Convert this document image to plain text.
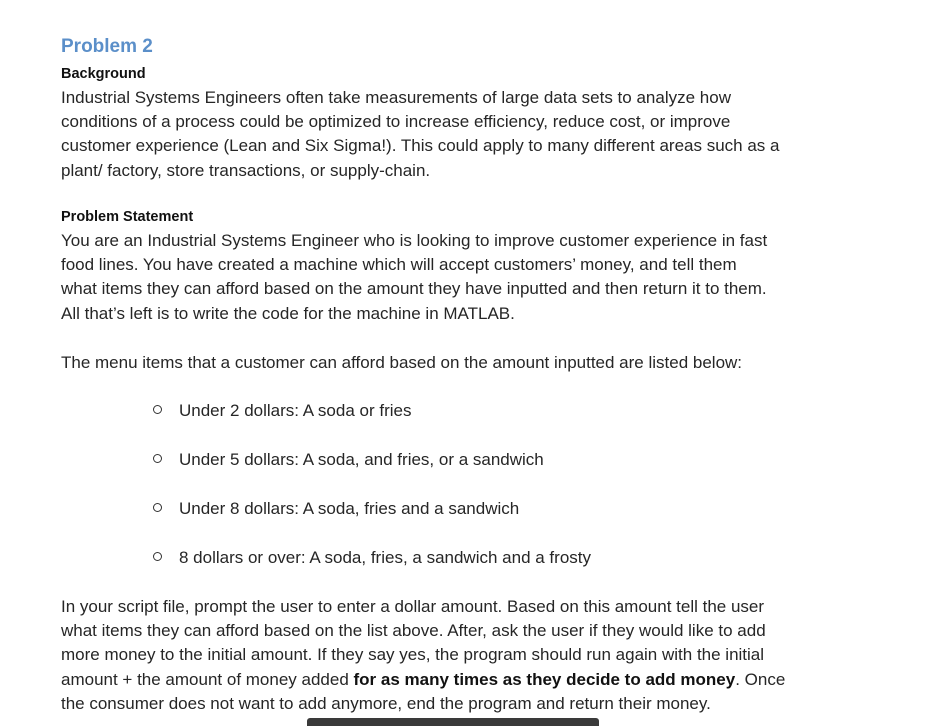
Problem 2
Background
Industrial Systems Engineers often take measurements of large data sets to analyze how
conditions of a process could be optimized to increase efficiency, reduce cost, or improve
customer experience (Lean and Six Sigma!). This could apply to many different areas such as a
plant/ factory, store transactions, or supply-chain.
Problem Statement
You are an Industrial Systems Engineer who is looking to improve customer experience in fast
food lines. You have created a machine which will accept customers’ money, and tell them
what items they can afford based on the amount they have inputted and then return it to them.
All that’s left is to write the code for the machine in MATLAB.
The menu items that a customer can afford based on the amount inputted are listed below:
Under 2 dollars: A soda or fries
Under 5 dollars: A soda, and fries, or a sandwich
Under 8 dollars: A soda, fries and a sandwich
8 dollars or over: A soda, fries, a sandwich and a frosty
In your script file, prompt the user to enter a dollar amount. Based on this amount tell the user
what items they can afford based on the list above. After, ask the user if they would like to add
more money to the initial amount. If they say yes, the program should run again with the initial
amount + the amount of money added for as many times as they decide to add money. Once
the consumer does not want to add anymore, end the program and return their money.
